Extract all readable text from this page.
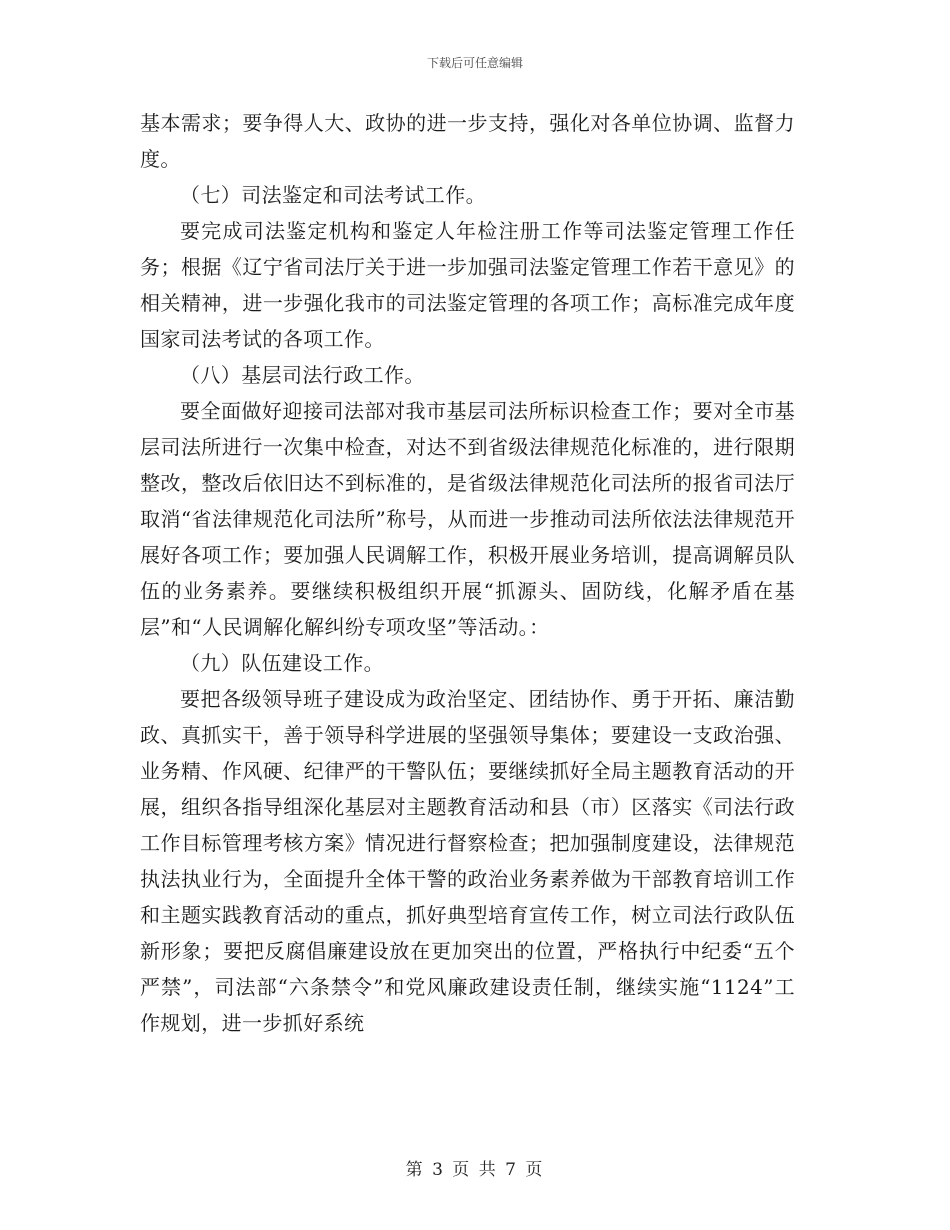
下载后可任意编辑

基本需求；要争得人大、政协的进一步支持，强化对各单位协调、监督力度。

（七）司法鉴定和司法考试工作。

要完成司法鉴定机构和鉴定人年检注册工作等司法鉴定管理工作任务；根据《辽宁省司法厅关于进一步加强司法鉴定管理工作若干意见》的相关精神，进一步强化我市的司法鉴定管理的各项工作；高标准完成年度国家司法考试的各项工作。

（八）基层司法行政工作。

要全面做好迎接司法部对我市基层司法所标识检查工作；要对全市基层司法所进行一次集中检查，对达不到省级法律规范化标准的，进行限期整改，整改后依旧达不到标准的，是省级法律规范化司法所的报省司法厅取消“省法律规范化司法所”称号，从而进一步推动司法所依法法律规范开展好各项工作；要加强人民调解工作，积极开展业务培训，提高调解员队伍的业务素养。要继续积极组织开展“抓源头、固防线，化解矛盾在基层”和“人民调解化解纠纷专项攻坚”等活动。：

（九）队伍建设工作。

要把各级领导班子建设成为政治坚定、团结协作、勇于开拓、廉洁勤政、真抓实干，善于领导科学进展的坚强领导集体；要建设一支政治强、业务精、作风硬、纪律严的干警队伍；要继续抓好全局主题教育活动的开展，组织各指导组深化基层对主题教育活动和县（市）区落实《司法行政工作目标管理考核方案》情况进行督察检查；把加强制度建设，法律规范执法执业行为，全面提升全体干警的政治业务素养做为干部教育培训工作和主题实践教育活动的重点，抓好典型培育宣传工作，树立司法行政队伍新形象；要把反腐倡廉建设放在更加突出的位置，严格执行中纪委“五个严禁”，司法部“六条禁令”和党风廉政建设责任制，继续实施“1124”工作规划，进一步抓好系统

第 3 页 共 7 页
